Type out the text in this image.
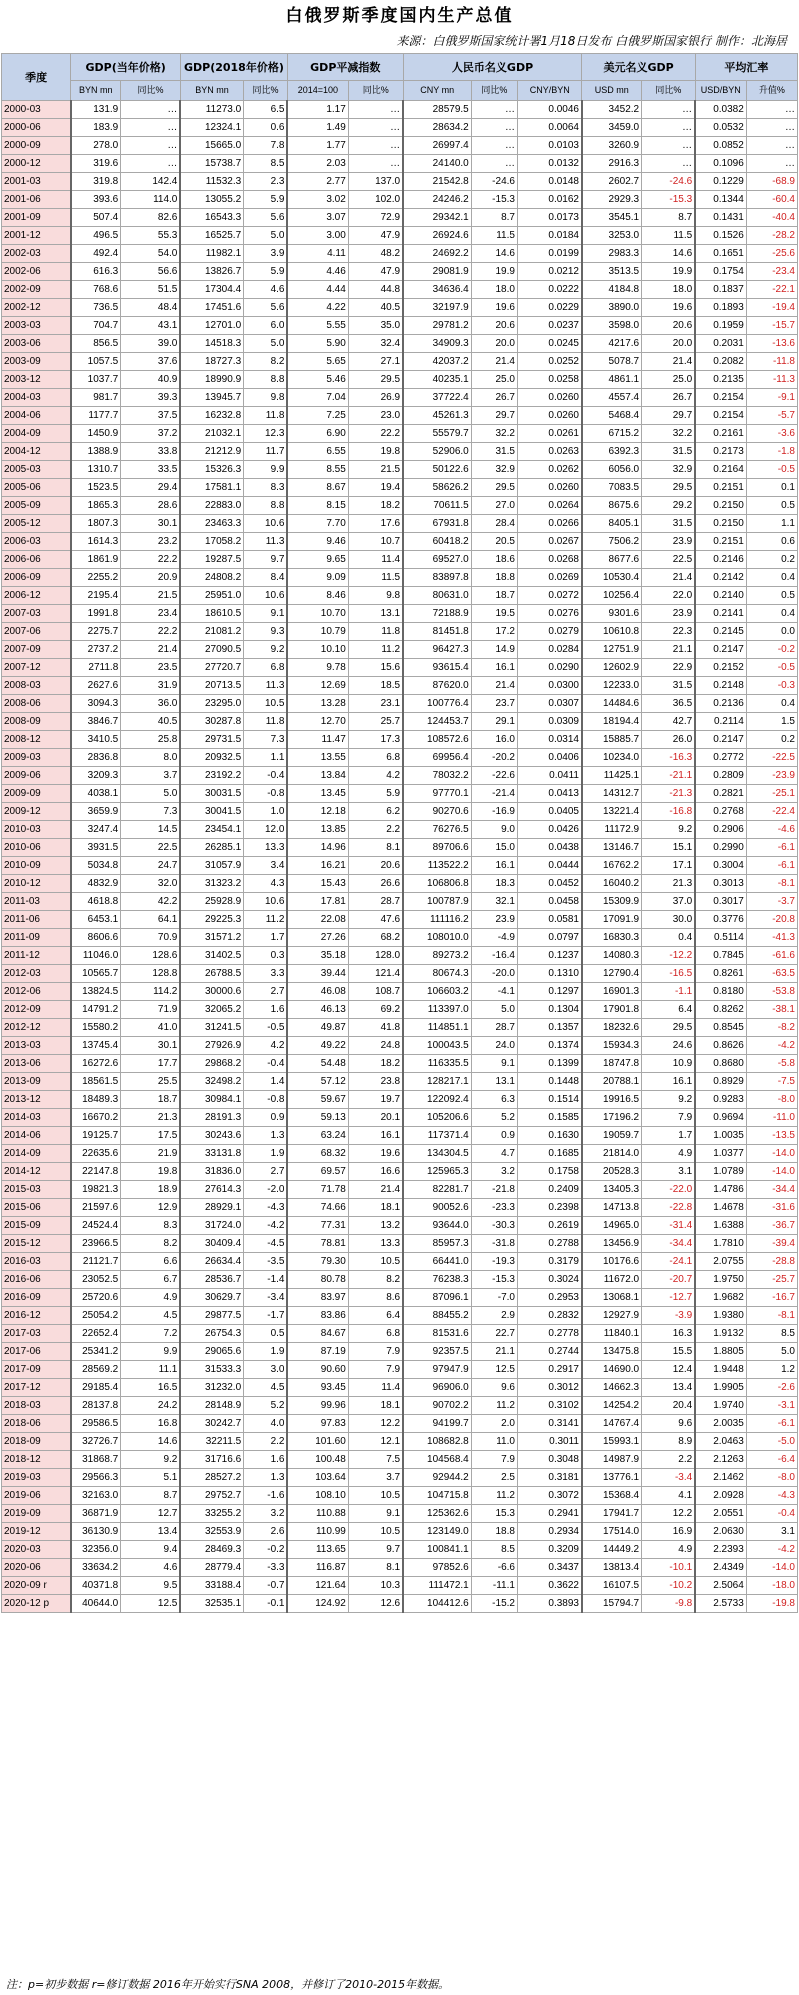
白俄罗斯季度国内生产总值
来源：白俄罗斯国家统计署1月18日发布 白俄罗斯国家银行 制作：北海居
季度	GDP(当年价格)		GDP(2018年价格)		GDP平减指数		人民币名义GDP			美元名义GDP		平均汇率	
	BYN mn	同比%	BYN mn	同比%	2014=100	同比%	CNY mn	同比%	CNY/BYN	USD mn	同比%	USD/BYN	升值%
2000-03	131.9	…	11273.0	6.5	1.17	…	28579.5	…	0.0046	3452.2	…	0.0382	…
2000-06	183.9	…	12324.1	0.6	1.49	…	28634.2	…	0.0064	3459.0	…	0.0532	…
2000-09	278.0	…	15665.0	7.8	1.77	…	26997.4	…	0.0103	3260.9	…	0.0852	…
2000-12	319.6	…	15738.7	8.5	2.03	…	24140.0	…	0.0132	2916.3	…	0.1096	…
2001-03	319.8	142.4	11532.3	2.3	2.77	137.0	21542.8	-24.6	0.0148	2602.7	-24.6	0.1229	-68.9
2001-06	393.6	114.0	13055.2	5.9	3.02	102.0	24246.2	-15.3	0.0162	2929.3	-15.3	0.1344	-60.4
2001-09	507.4	82.6	16543.3	5.6	3.07	72.9	29342.1	8.7	0.0173	3545.1	8.7	0.1431	-40.4
2001-12	496.5	55.3	16525.7	5.0	3.00	47.9	26924.6	11.5	0.0184	3253.0	11.5	0.1526	-28.2
2002-03	492.4	54.0	11982.1	3.9	4.11	48.2	24692.2	14.6	0.0199	2983.3	14.6	0.1651	-25.6
2002-06	616.3	56.6	13826.7	5.9	4.46	47.9	29081.9	19.9	0.0212	3513.5	19.9	0.1754	-23.4
2002-09	768.6	51.5	17304.4	4.6	4.44	44.8	34636.4	18.0	0.0222	4184.8	18.0	0.1837	-22.1
2002-12	736.5	48.4	17451.6	5.6	4.22	40.5	32197.9	19.6	0.0229	3890.0	19.6	0.1893	-19.4
2003-03	704.7	43.1	12701.0	6.0	5.55	35.0	29781.2	20.6	0.0237	3598.0	20.6	0.1959	-15.7
2003-06	856.5	39.0	14518.3	5.0	5.90	32.4	34909.3	20.0	0.0245	4217.6	20.0	0.2031	-13.6
2003-09	1057.5	37.6	18727.3	8.2	5.65	27.1	42037.2	21.4	0.0252	5078.7	21.4	0.2082	-11.8
2003-12	1037.7	40.9	18990.9	8.8	5.46	29.5	40235.1	25.0	0.0258	4861.1	25.0	0.2135	-11.3
2004-03	981.7	39.3	13945.7	9.8	7.04	26.9	37722.4	26.7	0.0260	4557.4	26.7	0.2154	-9.1
2004-06	1177.7	37.5	16232.8	11.8	7.25	23.0	45261.3	29.7	0.0260	5468.4	29.7	0.2154	-5.7
2004-09	1450.9	37.2	21032.1	12.3	6.90	22.2	55579.7	32.2	0.0261	6715.2	32.2	0.2161	-3.6
2004-12	1388.9	33.8	21212.9	11.7	6.55	19.8	52906.0	31.5	0.0263	6392.3	31.5	0.2173	-1.8
2005-03	1310.7	33.5	15326.3	9.9	8.55	21.5	50122.6	32.9	0.0262	6056.0	32.9	0.2164	-0.5
2005-06	1523.5	29.4	17581.1	8.3	8.67	19.4	58626.2	29.5	0.0260	7083.5	29.5	0.2151	0.1
2005-09	1865.3	28.6	22883.0	8.8	8.15	18.2	70611.5	27.0	0.0264	8675.6	29.2	0.2150	0.5
2005-12	1807.3	30.1	23463.3	10.6	7.70	17.6	67931.8	28.4	0.0266	8405.1	31.5	0.2150	1.1
2006-03	1614.3	23.2	17058.2	11.3	9.46	10.7	60418.2	20.5	0.0267	7506.2	23.9	0.2151	0.6
2006-06	1861.9	22.2	19287.5	9.7	9.65	11.4	69527.0	18.6	0.0268	8677.6	22.5	0.2146	0.2
2006-09	2255.2	20.9	24808.2	8.4	9.09	11.5	83897.8	18.8	0.0269	10530.4	21.4	0.2142	0.4
2006-12	2195.4	21.5	25951.0	10.6	8.46	9.8	80631.0	18.7	0.0272	10256.4	22.0	0.2140	0.5
2007-03	1991.8	23.4	18610.5	9.1	10.70	13.1	72188.9	19.5	0.0276	9301.6	23.9	0.2141	0.4
2007-06	2275.7	22.2	21081.2	9.3	10.79	11.8	81451.8	17.2	0.0279	10610.8	22.3	0.2145	0.0
2007-09	2737.2	21.4	27090.5	9.2	10.10	11.2	96427.3	14.9	0.0284	12751.9	21.1	0.2147	-0.2
2007-12	2711.8	23.5	27720.7	6.8	9.78	15.6	93615.4	16.1	0.0290	12602.9	22.9	0.2152	-0.5
2008-03	2627.6	31.9	20713.5	11.3	12.69	18.5	87620.0	21.4	0.0300	12233.0	31.5	0.2148	-0.3
2008-06	3094.3	36.0	23295.0	10.5	13.28	23.1	100776.4	23.7	0.0307	14484.6	36.5	0.2136	0.4
2008-09	3846.7	40.5	30287.8	11.8	12.70	25.7	124453.7	29.1	0.0309	18194.4	42.7	0.2114	1.5
2008-12	3410.5	25.8	29731.5	7.3	11.47	17.3	108572.6	16.0	0.0314	15885.7	26.0	0.2147	0.2
2009-03	2836.8	8.0	20932.5	1.1	13.55	6.8	69956.4	-20.2	0.0406	10234.0	-16.3	0.2772	-22.5
2009-06	3209.3	3.7	23192.2	-0.4	13.84	4.2	78032.2	-22.6	0.0411	11425.1	-21.1	0.2809	-23.9
2009-09	4038.1	5.0	30031.5	-0.8	13.45	5.9	97770.1	-21.4	0.0413	14312.7	-21.3	0.2821	-25.1
2009-12	3659.9	7.3	30041.5	1.0	12.18	6.2	90270.6	-16.9	0.0405	13221.4	-16.8	0.2768	-22.4
2010-03	3247.4	14.5	23454.1	12.0	13.85	2.2	76276.5	9.0	0.0426	11172.9	9.2	0.2906	-4.6
2010-06	3931.5	22.5	26285.1	13.3	14.96	8.1	89706.6	15.0	0.0438	13146.7	15.1	0.2990	-6.1
2010-09	5034.8	24.7	31057.9	3.4	16.21	20.6	113522.2	16.1	0.0444	16762.2	17.1	0.3004	-6.1
2010-12	4832.9	32.0	31323.2	4.3	15.43	26.6	106806.8	18.3	0.0452	16040.2	21.3	0.3013	-8.1
2011-03	4618.8	42.2	25928.9	10.6	17.81	28.7	100787.9	32.1	0.0458	15309.9	37.0	0.3017	-3.7
2011-06	6453.1	64.1	29225.3	11.2	22.08	47.6	111116.2	23.9	0.0581	17091.9	30.0	0.3776	-20.8
2011-09	8606.6	70.9	31571.2	1.7	27.26	68.2	108010.0	-4.9	0.0797	16830.3	0.4	0.5114	-41.3
2011-12	11046.0	128.6	31402.5	0.3	35.18	128.0	89273.2	-16.4	0.1237	14080.3	-12.2	0.7845	-61.6
2012-03	10565.7	128.8	26788.5	3.3	39.44	121.4	80674.3	-20.0	0.1310	12790.4	-16.5	0.8261	-63.5
2012-06	13824.5	114.2	30000.6	2.7	46.08	108.7	106603.2	-4.1	0.1297	16901.3	-1.1	0.8180	-53.8
2012-09	14791.2	71.9	32065.2	1.6	46.13	69.2	113397.0	5.0	0.1304	17901.8	6.4	0.8262	-38.1
2012-12	15580.2	41.0	31241.5	-0.5	49.87	41.8	114851.1	28.7	0.1357	18232.6	29.5	0.8545	-8.2
2013-03	13745.4	30.1	27926.9	4.2	49.22	24.8	100043.5	24.0	0.1374	15934.3	24.6	0.8626	-4.2
2013-06	16272.6	17.7	29868.2	-0.4	54.48	18.2	116335.5	9.1	0.1399	18747.8	10.9	0.8680	-5.8
2013-09	18561.5	25.5	32498.2	1.4	57.12	23.8	128217.1	13.1	0.1448	20788.1	16.1	0.8929	-7.5
2013-12	18489.3	18.7	30984.1	-0.8	59.67	19.7	122092.4	6.3	0.1514	19916.5	9.2	0.9283	-8.0
2014-03	16670.2	21.3	28191.3	0.9	59.13	20.1	105206.6	5.2	0.1585	17196.2	7.9	0.9694	-11.0
2014-06	19125.7	17.5	30243.6	1.3	63.24	16.1	117371.4	0.9	0.1630	19059.7	1.7	1.0035	-13.5
2014-09	22635.6	21.9	33131.8	1.9	68.32	19.6	134304.5	4.7	0.1685	21814.0	4.9	1.0377	-14.0
2014-12	22147.8	19.8	31836.0	2.7	69.57	16.6	125965.3	3.2	0.1758	20528.3	3.1	1.0789	-14.0
2015-03	19821.3	18.9	27614.3	-2.0	71.78	21.4	82281.7	-21.8	0.2409	13405.3	-22.0	1.4786	-34.4
2015-06	21597.6	12.9	28929.1	-4.3	74.66	18.1	90052.6	-23.3	0.2398	14713.8	-22.8	1.4678	-31.6
2015-09	24524.4	8.3	31724.0	-4.2	77.31	13.2	93644.0	-30.3	0.2619	14965.0	-31.4	1.6388	-36.7
2015-12	23966.5	8.2	30409.4	-4.5	78.81	13.3	85957.3	-31.8	0.2788	13456.9	-34.4	1.7810	-39.4
2016-03	21121.7	6.6	26634.4	-3.5	79.30	10.5	66441.0	-19.3	0.3179	10176.6	-24.1	2.0755	-28.8
2016-06	23052.5	6.7	28536.7	-1.4	80.78	8.2	76238.3	-15.3	0.3024	11672.0	-20.7	1.9750	-25.7
2016-09	25720.6	4.9	30629.7	-3.4	83.97	8.6	87096.1	-7.0	0.2953	13068.1	-12.7	1.9682	-16.7
2016-12	25054.2	4.5	29877.5	-1.7	83.86	6.4	88455.2	2.9	0.2832	12927.9	-3.9	1.9380	-8.1
2017-03	22652.4	7.2	26754.3	0.5	84.67	6.8	81531.6	22.7	0.2778	11840.1	16.3	1.9132	8.5
2017-06	25341.2	9.9	29065.6	1.9	87.19	7.9	92357.5	21.1	0.2744	13475.8	15.5	1.8805	5.0
2017-09	28569.2	11.1	31533.3	3.0	90.60	7.9	97947.9	12.5	0.2917	14690.0	12.4	1.9448	1.2
2017-12	29185.4	16.5	31232.0	4.5	93.45	11.4	96906.0	9.6	0.3012	14662.3	13.4	1.9905	-2.6
2018-03	28137.8	24.2	28148.9	5.2	99.96	18.1	90702.2	11.2	0.3102	14254.2	20.4	1.9740	-3.1
2018-06	29586.5	16.8	30242.7	4.0	97.83	12.2	94199.7	2.0	0.3141	14767.4	9.6	2.0035	-6.1
2018-09	32726.7	14.6	32211.5	2.2	101.60	12.1	108682.8	11.0	0.3011	15993.1	8.9	2.0463	-5.0
2018-12	31868.7	9.2	31716.6	1.6	100.48	7.5	104568.4	7.9	0.3048	14987.9	2.2	2.1263	-6.4
2019-03	29566.3	5.1	28527.2	1.3	103.64	3.7	92944.2	2.5	0.3181	13776.1	-3.4	2.1462	-8.0
2019-06	32163.0	8.7	29752.7	-1.6	108.10	10.5	104715.8	11.2	0.3072	15368.4	4.1	2.0928	-4.3
2019-09	36871.9	12.7	33255.2	3.2	110.88	9.1	125362.6	15.3	0.2941	17941.7	12.2	2.0551	-0.4
2019-12	36130.9	13.4	32553.9	2.6	110.99	10.5	123149.0	18.8	0.2934	17514.0	16.9	2.0630	3.1
2020-03	32356.0	9.4	28469.3	-0.2	113.65	9.7	100841.1	8.5	0.3209	14449.2	4.9	2.2393	-4.2
2020-06	33634.2	4.6	28779.4	-3.3	116.87	8.1	97852.6	-6.6	0.3437	13813.4	-10.1	2.4349	-14.0
2020-09 r	40371.8	9.5	33188.4	-0.7	121.64	10.3	111472.1	-11.1	0.3622	16107.5	-10.2	2.5064	-18.0
2020-12 p	40644.0	12.5	32535.1	-0.1	124.92	12.6	104412.6	-15.2	0.3893	15794.7	-9.8	2.5733	-19.8
注：p=初步数据 r=修订数据 2016年开始实行SNA 2008，并修订了2010-2015年数据。
